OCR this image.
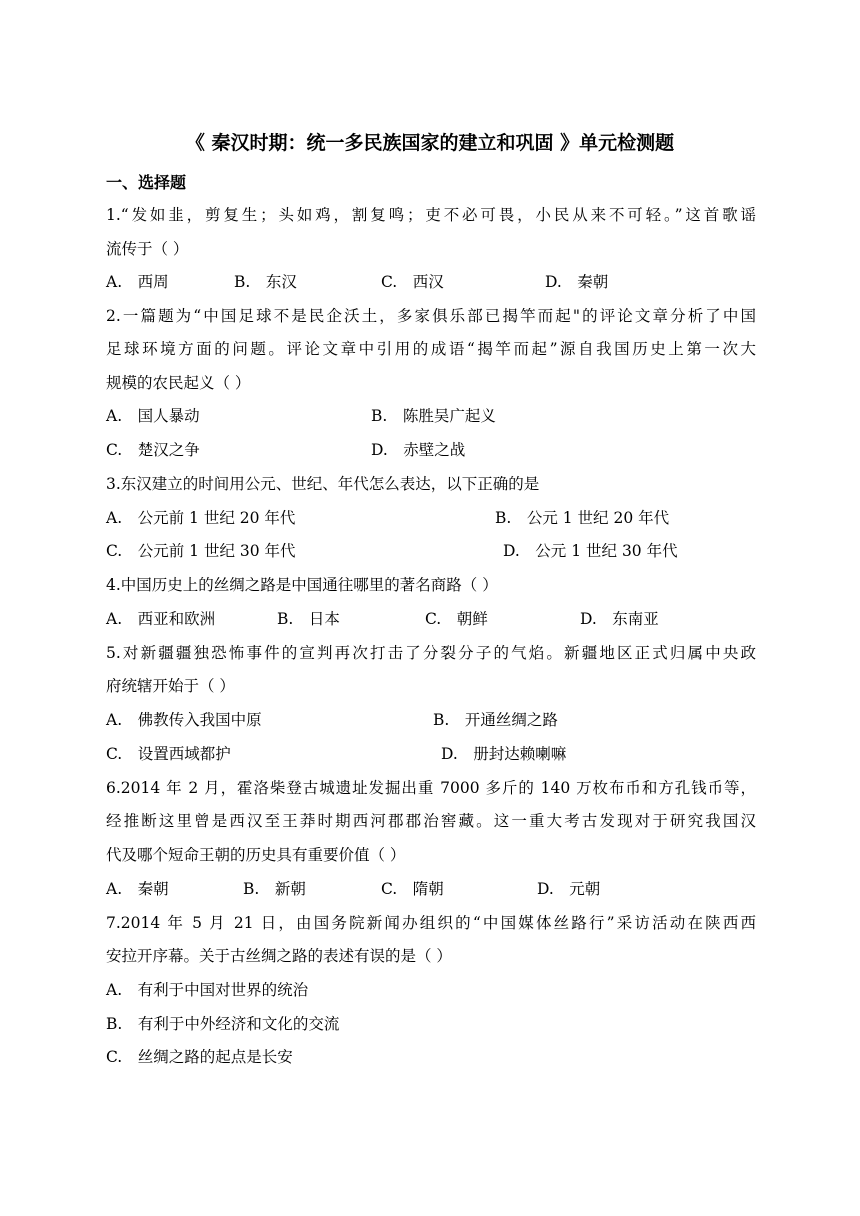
《 秦汉时期：统一多民族国家的建立和巩固 》单元检测题
一、选择题
1.“发如韭，剪复生；头如鸡，割复鸣；吏不必可畏，小民从来不可轻。”这首歌谣
流传于（ ）
A.　西周	B.　东汉	C.　西汉	D.　秦朝
2.一篇题为“中国足球不是民企沃土，多家俱乐部已揭竿而起"的评论文章分析了中国
足球环境方面的问题。评论文章中引用的成语“揭竿而起”源自我国历史上第一次大
规模的农民起义（ ）
A.　国人暴动	B.　陈胜吴广起义
C.　楚汉之争	D.　赤壁之战
3.东汉建立的时间用公元、世纪、年代怎么表达，以下正确的是
A.　公元前 1 世纪 20 年代	B.　公元 1 世纪 20 年代
C.　公元前 1 世纪 30 年代	D.　公元 1 世纪 30 年代
4.中国历史上的丝绸之路是中国通往哪里的著名商路（ ）
A.　西亚和欧洲	B.　日本	C.　朝鲜	D.　东南亚
5.对新疆疆独恐怖事件的宣判再次打击了分裂分子的气焰。新疆地区正式归属中央政
府统辖开始于（ ）
A.　佛教传入我国中原	B.　开通丝绸之路
C.　设置西域都护	D.　册封达赖喇嘛
6.2014 年 2 月，霍洛柴登古城遗址发掘出重 7000 多斤的 140 万枚布币和方孔钱币等，
经推断这里曾是西汉至王莽时期西河郡郡治窖藏。这一重大考古发现对于研究我国汉
代及哪个短命王朝的历史具有重要价值（ ）
A.　秦朝	B.　新朝	C.　隋朝	D.　元朝
7.2014 年 5 月 21 日，由国务院新闻办组织的“中国媒体丝路行”采访活动在陕西西
安拉开序幕。关于古丝绸之路的表述有误的是（ ）
A.　有利于中国对世界的统治
B.　有利于中外经济和文化的交流
C.　丝绸之路的起点是长安
